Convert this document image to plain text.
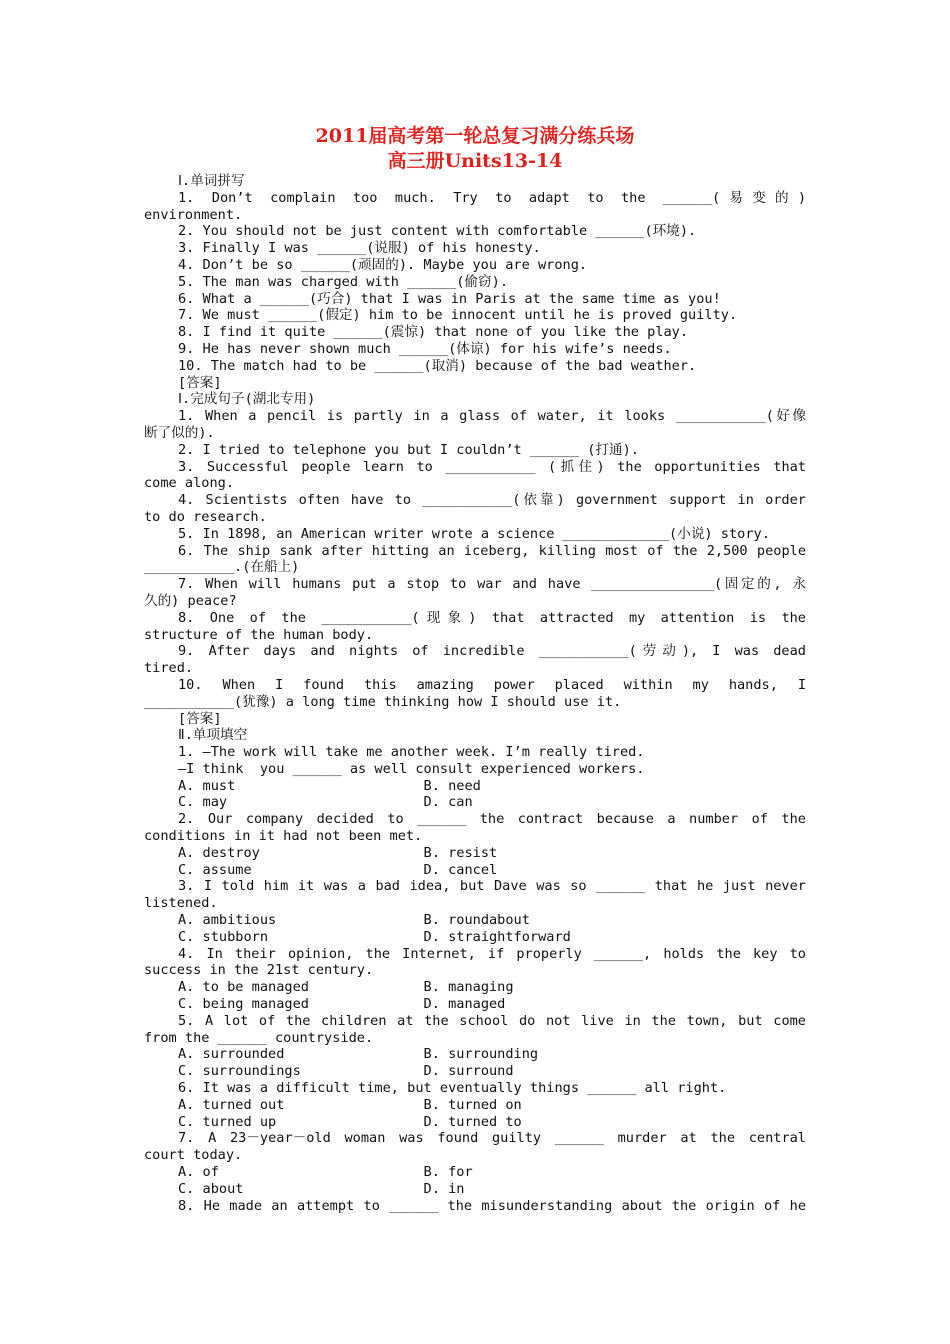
2011届高考第一轮总复习满分练兵场
高三册Units13-14
Ⅰ.单词拼写
1. Don’t complain too much. Try to adapt to the ______(易变的)
environment.
2. You should not be just content with comfortable ______(环境).
3. Finally I was ______(说服) of his honesty.
4. Don’t be so ______(顽固的). Maybe you are wrong.
5. The man was charged with ______(偷窃).
6. What a ______(巧合) that I was in Paris at the same time as you!
7. We must ______(假定) him to be innocent until he is proved guilty.
8. I find it quite ______(震惊) that none of you like the play.
9. He has never shown much ______(体谅) for his wife’s needs.
10. The match had to be ______(取消) because of the bad weather.
[答案]
Ⅰ.完成句子(湖北专用)
1. When a pencil is partly in a glass of water, it looks ___________(好像
断了似的).
2. I tried to telephone you but I couldn’t ______ (打通).
3. Successful people learn to ___________ (抓住) the opportunities that
come along.
4. Scientists often have to ___________(依靠) government support in order
to do research.
5. In 1898, an American writer wrote a science _____________(小说) story.
6. The ship sank after hitting an iceberg, killing most of the 2,500 people
___________.(在船上)
7. When will humans put a stop to war and have _______________(固定的, 永
久的) peace?
8. One of the ___________(现象) that attracted my attention is the
structure of the human body.
9. After days and nights of incredible ___________(劳动), I was dead
tired.
10. When I found this amazing power placed within my hands, I
___________(犹豫) a long time thinking how I should use it.
[答案]
Ⅱ.单项填空
1. —The work will take me another week. I’m really tired.
—I think  you ______ as well consult experienced workers.
A. must                       B. need
C. may                        D. can
2. Our company decided to ______ the contract because a number of the
conditions in it had not been met.
A. destroy                    B. resist
C. assume                     D. cancel
3. I told him it was a bad idea, but Dave was so ______ that he just never
listened.
A. ambitious                  B. roundabout
C. stubborn                   D. straightforward
4. In their opinion, the Internet, if properly ______, holds the key to
success in the 21st century.
A. to be managed              B. managing
C. being managed              D. managed
5. A lot of the children at the school do not live in the town, but come
from the ______ countryside.
A. surrounded                 B. surrounding
C. surroundings               D. surround
6. It was a difficult time, but eventually things ______ all right.
A. turned out                 B. turned on
C. turned up                  D. turned to
7. A 23－year－old woman was found guilty ______ murder at the central
court today.
A. of                         B. for
C. about                      D. in
8. He made an attempt to ______ the misunderstanding about the origin of he
